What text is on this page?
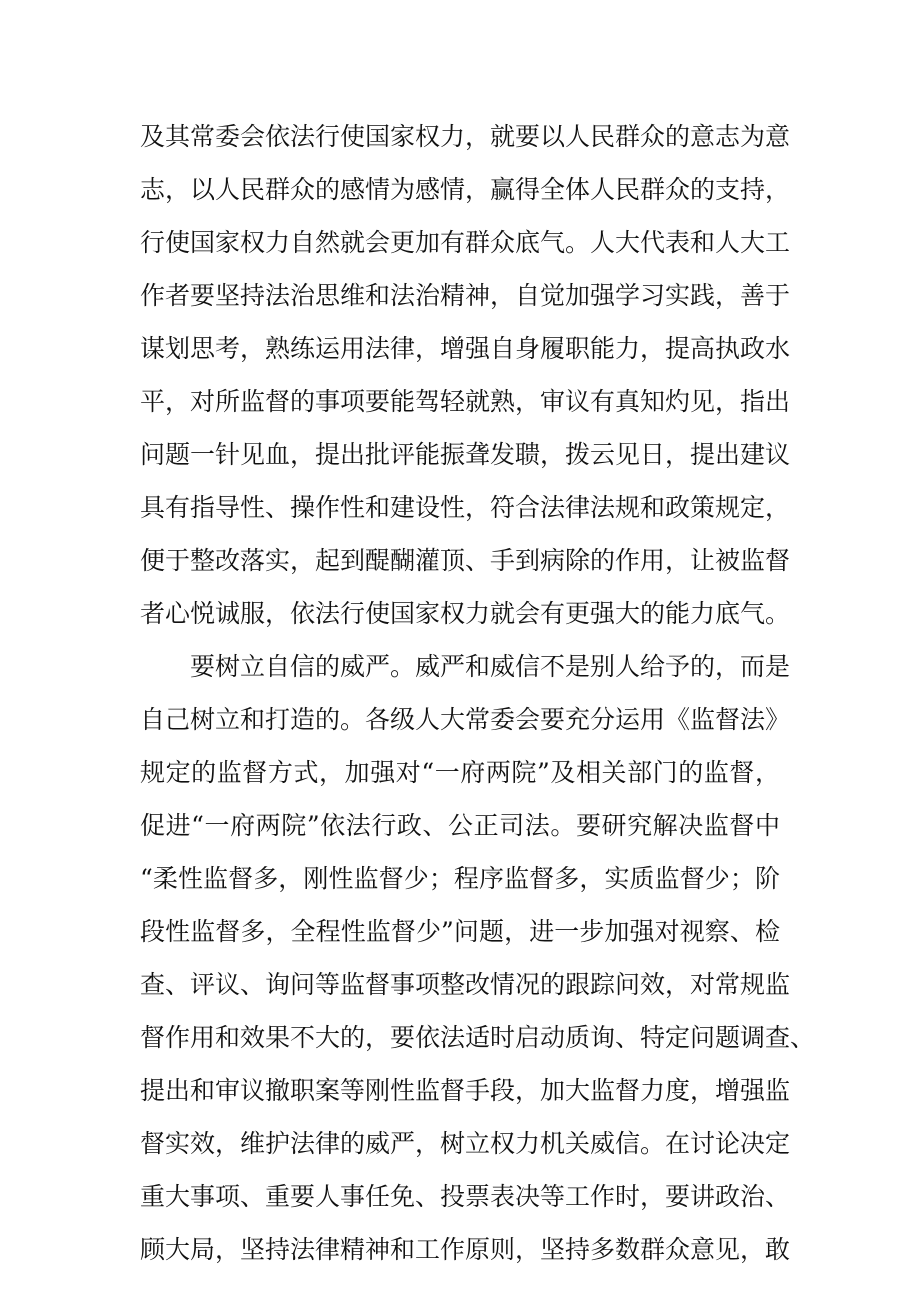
及其常委会依法行使国家权力，就要以人民群众的意志为意
志，以人民群众的感情为感情，赢得全体人民群众的支持，
行使国家权力自然就会更加有群众底气。人大代表和人大工
作者要坚持法治思维和法治精神，自觉加强学习实践，善于
谋划思考，熟练运用法律，增强自身履职能力，提高执政水
平，对所监督的事项要能驾轻就熟，审议有真知灼见，指出
问题一针见血，提出批评能振聋发聩，拨云见日，提出建议
具有指导性、操作性和建设性，符合法律法规和政策规定，
便于整改落实，起到醍醐灌顶、手到病除的作用，让被监督
者心悦诚服，依法行使国家权力就会有更强大的能力底气。
要树立自信的威严。威严和威信不是别人给予的，而是
自己树立和打造的。各级人大常委会要充分运用《监督法》
规定的监督方式，加强对“一府两院”及相关部门的监督，
促进“一府两院”依法行政、公正司法。要研究解决监督中
“柔性监督多，刚性监督少；程序监督多，实质监督少；阶
段性监督多，全程性监督少”问题，进一步加强对视察、检
查、评议、询问等监督事项整改情况的跟踪问效，对常规监
督作用和效果不大的，要依法适时启动质询、特定问题调查、
提出和审议撤职案等刚性监督手段，加大监督力度，增强监
督实效，维护法律的威严，树立权力机关威信。在讨论决定
重大事项、重要人事任免、投票表决等工作时，要讲政治、
顾大局，坚持法律精神和工作原则，坚持多数群众意见，敢
